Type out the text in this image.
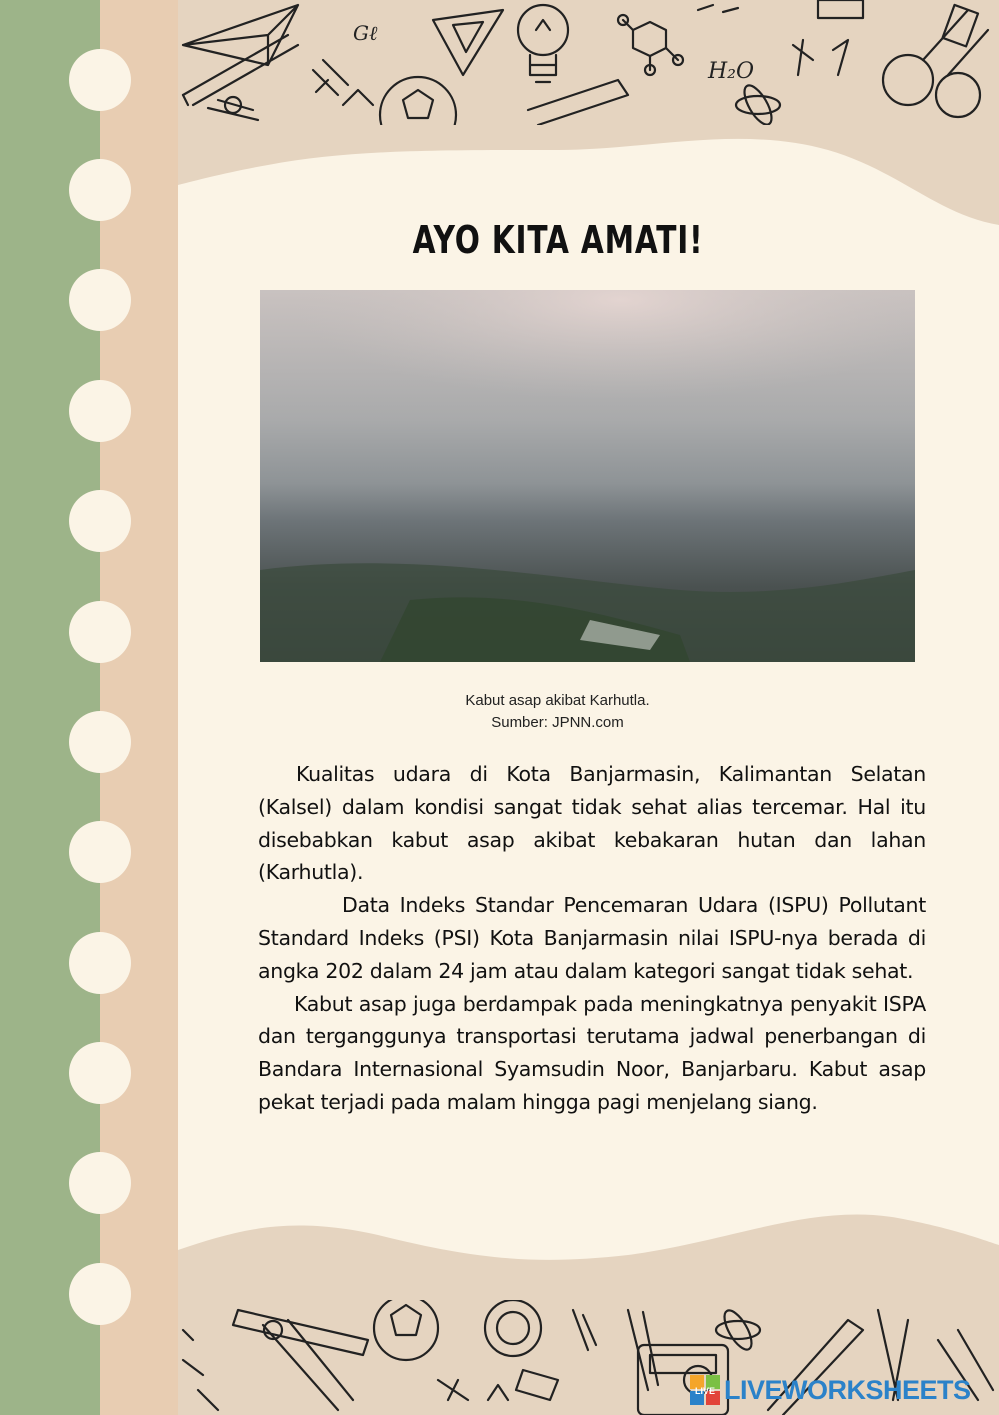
Gℓ
H₂O
AYO KITA AMATI!
Kabut asap akibat Karhutla.
Sumber: JPNN.com

Kualitas udara di Kota Banjarmasin, Kalimantan Selatan (Kalsel) dalam kondisi sangat tidak sehat alias tercemar. Hal itu disebabkan kabut asap akibat kebakaran hutan dan lahan (Karhutla).

Data Indeks Standar Pencemaran Udara (ISPU) Pollutant Standard Indeks (PSI) Kota Banjarmasin nilai ISPU-nya berada di angka 202 dalam 24 jam atau dalam kategori sangat tidak sehat.

Kabut asap juga berdampak pada meningkatnya penyakit ISPA dan terganggunya transportasi terutama jadwal penerbangan di Bandara Internasional Syamsudin Noor, Banjarbaru. Kabut asap pekat terjadi pada malam hingga pagi menjelang siang.

LIVE LIVEWORKSHEETS
